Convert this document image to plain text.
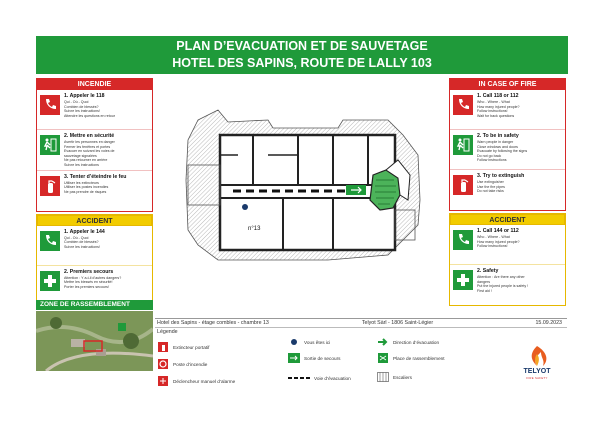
PLAN D’EVACUATION ET DE SAUVETAGE
HOTEL DES SAPINS, ROUTE DE LALLY 103
INCENDIE
1. Appeler le 118
Qui - Où - Quoi
Combien de blessés?
Suivre les instructions!
Attendre les questions en retour
2. Mettre en sécurité
Avertir les personnes en danger
Fermer les fenêtres et portes
Evacuer en suivant les voies de
sauvetage signalées
Ne pas retourner en arrière
Suivre les instructions
3. Tenter d’éteindre le feu
Utiliser les extincteurs
Utiliser les postes incendies
Ne pas prendre de risques
ACCIDENT
1. Appeler le 144
Qui - Où - Quoi
Combien de blessés?
Suivre les instructions!
2. Premiers secours
Attention : Y a-t-il d’autres dangers?
Mettre les blessés en sécurité!
Porter les premiers secours!
IN CASE OF FIRE
1. Call 118 or 112
Who - Where - What
How many injured people?
Follow instructions!
Wait for back questions
2. To be in safety
Warn people in danger
Close windows and doors
Evacuate by following the signs
Do not go back
Follow instructions
3. Try to extinguish
Use extinguisher
Use the fire pipes
Do not take risks
ACCIDENT
1. Call 144 or 112
Who - Where - What
How many injured people?
Follow instructions!
2. Safety
Attention : Are there any other
dangers
Put the injured people is safety !
First aid !
ZONE DE RASSEMBLEMENT
n°13
Hotel des Sapins - étage combles - chambre 13	Telyot Sàrl - 1806 Saint-Légier	15.09.2023
Légende
Extincteur portatif
Poste d’incendie
Déclencheur manuel d’alarme
Vous êtes ici
Sortie de secours
Voie d’évacuation
Direction d’évacuation
Place de rassemblement
Escaliers
TELYOT
FIRE SAFETY
